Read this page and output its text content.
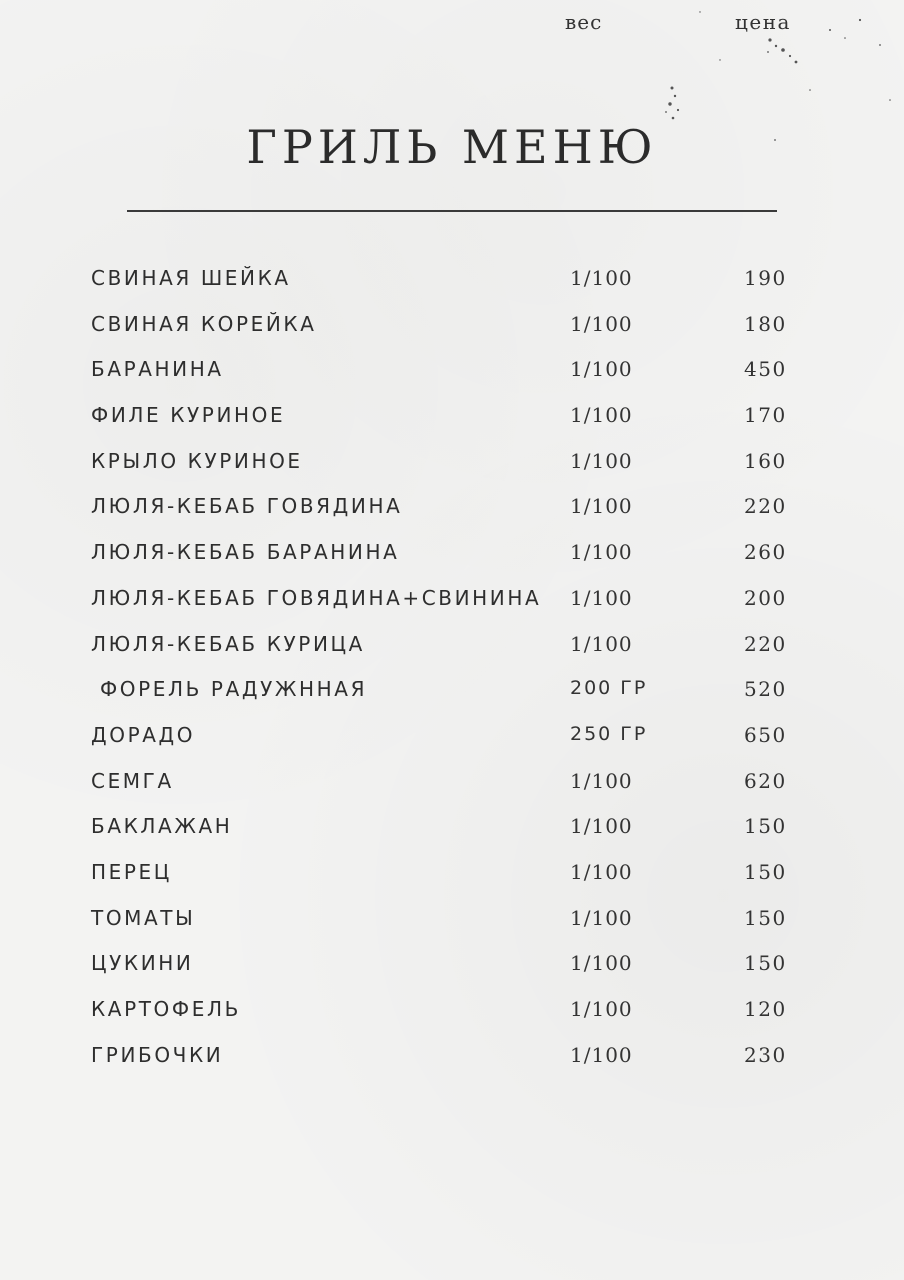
ГРИЛЬ МЕНЮ
вес	цена
СВИНАЯ ШЕЙКА	1/100	190
СВИНАЯ КОРЕЙКА	1/100	180
БАРАНИНА	1/100	450
ФИЛЕ КУРИНОЕ	1/100	170
КРЫЛО КУРИНОЕ	1/100	160
ЛЮЛЯ-КЕБАБ ГОВЯДИНА	1/100	220
ЛЮЛЯ-КЕБАБ БАРАНИНА	1/100	260
ЛЮЛЯ-КЕБАБ ГОВЯДИНА+СВИНИНА 1/100	200
ЛЮЛЯ-КЕБАБ КУРИЦА	1/100	220
ФОРЕЛЬ РАДУЖННАЯ	200 ГР	520
ДОРАДО	250 ГР	650
СЕМГА	1/100	620
БАКЛАЖАН	1/100	150
ПЕРЕЦ	1/100	150
ТОМАТЫ	1/100	150
ЦУКИНИ	1/100	150
КАРТОФЕЛЬ	1/100	120
ГРИБОЧКИ	1/100	230
